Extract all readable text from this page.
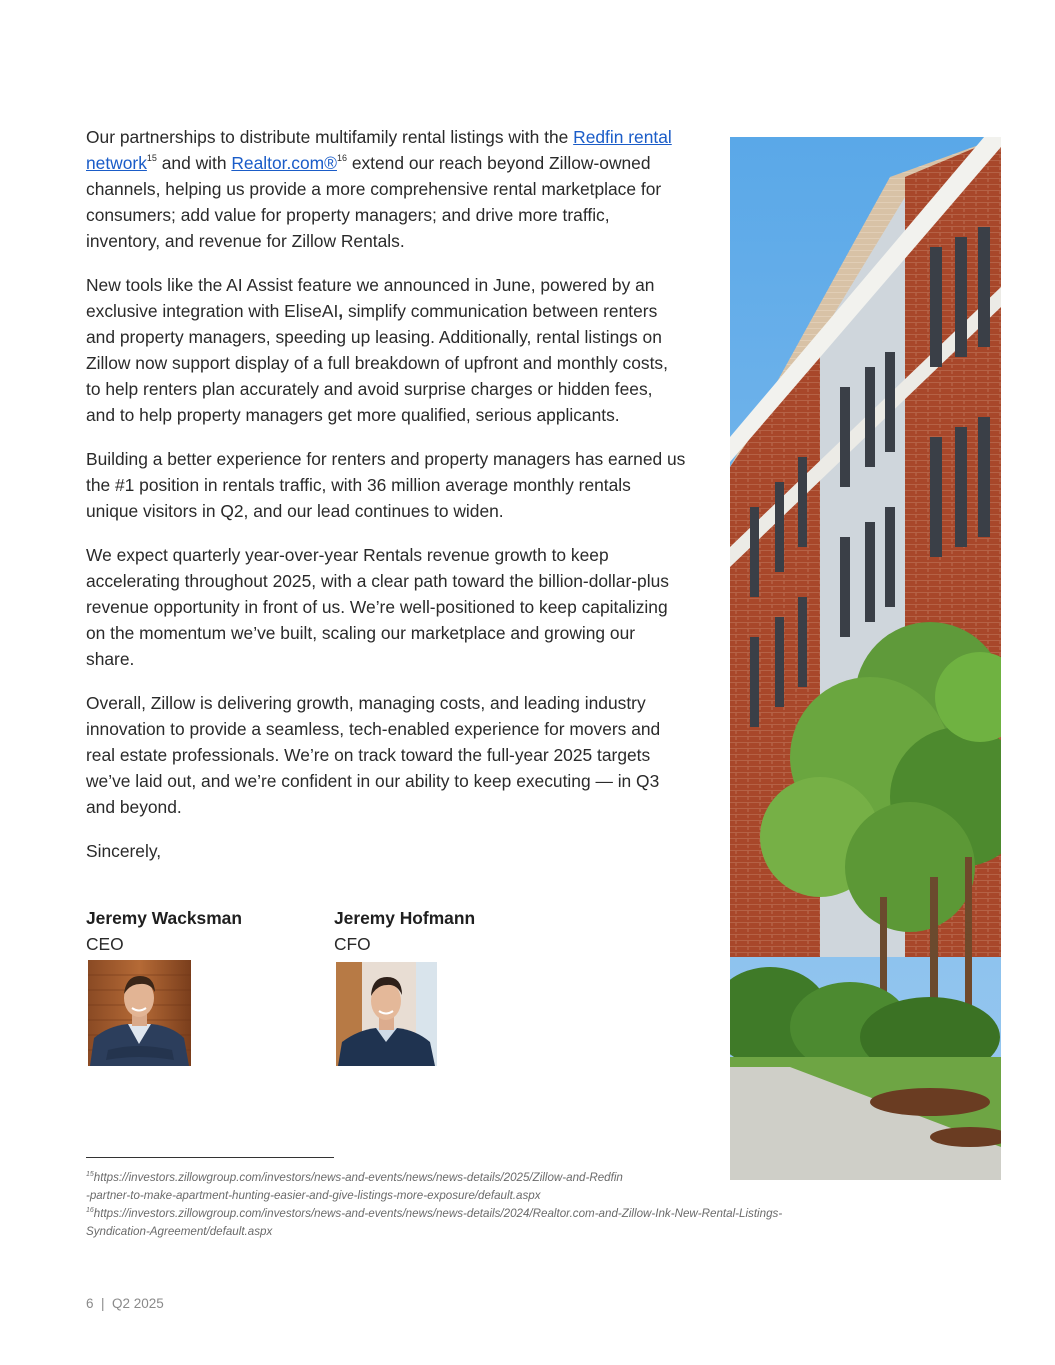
Our partnerships to distribute multifamily rental listings with the Redfin rental network$^{15}$ and with Realtor.com®$^{16}$ extend our reach beyond Zillow-owned channels, helping us provide a more comprehensive rental marketplace for consumers; add value for property managers; and drive more traffic, inventory, and revenue for Zillow Rentals.

New tools like the AI Assist feature we announced in June, powered by an exclusive integration with EliseAI, simplify communication between renters and property managers, speeding up leasing. Additionally, rental listings on Zillow now support display of a full breakdown of upfront and monthly costs, to help renters plan accurately and avoid surprise charges or hidden fees, and to help property managers get more qualified, serious applicants.

Building a better experience for renters and property managers has earned us the #1 position in rentals traffic, with 36 million average monthly rentals unique visitors in Q2, and our lead continues to widen.

We expect quarterly year-over-year Rentals revenue growth to keep accelerating throughout 2025, with a clear path toward the billion-dollar-plus revenue opportunity in front of us. We’re well-positioned to keep capitalizing on the momentum we’ve built, scaling our marketplace and growing our share.

Overall, Zillow is delivering growth, managing costs, and leading industry innovation to provide a seamless, tech-enabled experience for movers and real estate professionals. We’re on track toward the full-year 2025 targets we’ve laid out, and we’re confident in our ability to keep executing — in Q3 and beyond.

Sincerely,

Jeremy Wacksman
CEO
Jeremy Hofmann
CFO
$^{15}$https://investors.zillowgroup.com/investors/news-and-events/news/news-details/2025/Zillow-and-Redfin
-partner-to-make-apartment-hunting-easier-and-give-listings-more-exposure/default.aspx
$^{16}$https://investors.zillowgroup.com/investors/news-and-events/news/news-details/2024/Realtor.com-and-Zillow-Ink-New-Rental-Listings-
Syndication-Agreement/default.aspx
6  |  Q2 2025
